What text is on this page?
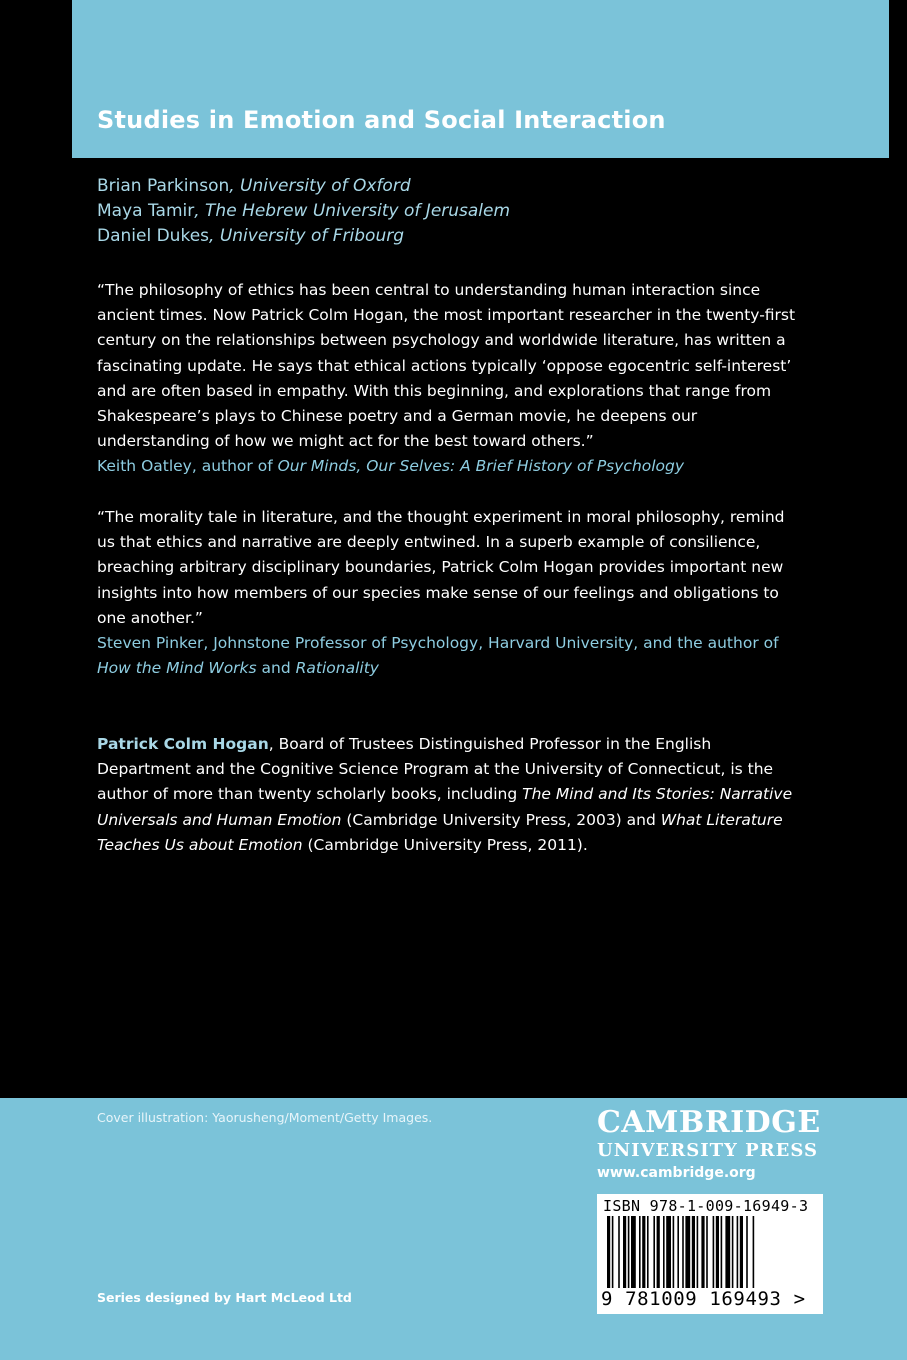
Studies in Emotion and Social Interaction
Brian Parkinson, University of Oxford
Maya Tamir, The Hebrew University of Jerusalem
Daniel Dukes, University of Fribourg
“The philosophy of ethics has been central to understanding human interaction since ancient times. Now Patrick Colm Hogan, the most important researcher in the twenty-first century on the relationships between psychology and worldwide literature, has written a fascinating update. He says that ethical actions typically ‘oppose egocentric self-interest’ and are often based in empathy. With this beginning, and explorations that range from Shakespeare’s plays to Chinese poetry and a German movie, he deepens our understanding of how we might act for the best toward others.”
Keith Oatley, author of Our Minds, Our Selves: A Brief History of Psychology
“The morality tale in literature, and the thought experiment in moral philosophy, remind us that ethics and narrative are deeply entwined. In a superb example of consilience, breaching arbitrary disciplinary boundaries, Patrick Colm Hogan provides important new insights into how members of our species make sense of our feelings and obligations to one another.”
Steven Pinker, Johnstone Professor of Psychology, Harvard University, and the author of How the Mind Works and Rationality

Patrick Colm Hogan, Board of Trustees Distinguished Professor in the English Department and the Cognitive Science Program at the University of Connecticut, is the author of more than twenty scholarly books, including The Mind and Its Stories: Narrative Universals and Human Emotion (Cambridge University Press, 2003) and What Literature Teaches Us about Emotion (Cambridge University Press, 2011).

Cover illustration: Yaorusheng/Moment/Getty Images.
Series designed by Hart McLeod Ltd
CAMBRIDGE
UNIVERSITY PRESS
www.cambridge.org
ISBN 978-1-009-16949-3
9 781009 169493 >
